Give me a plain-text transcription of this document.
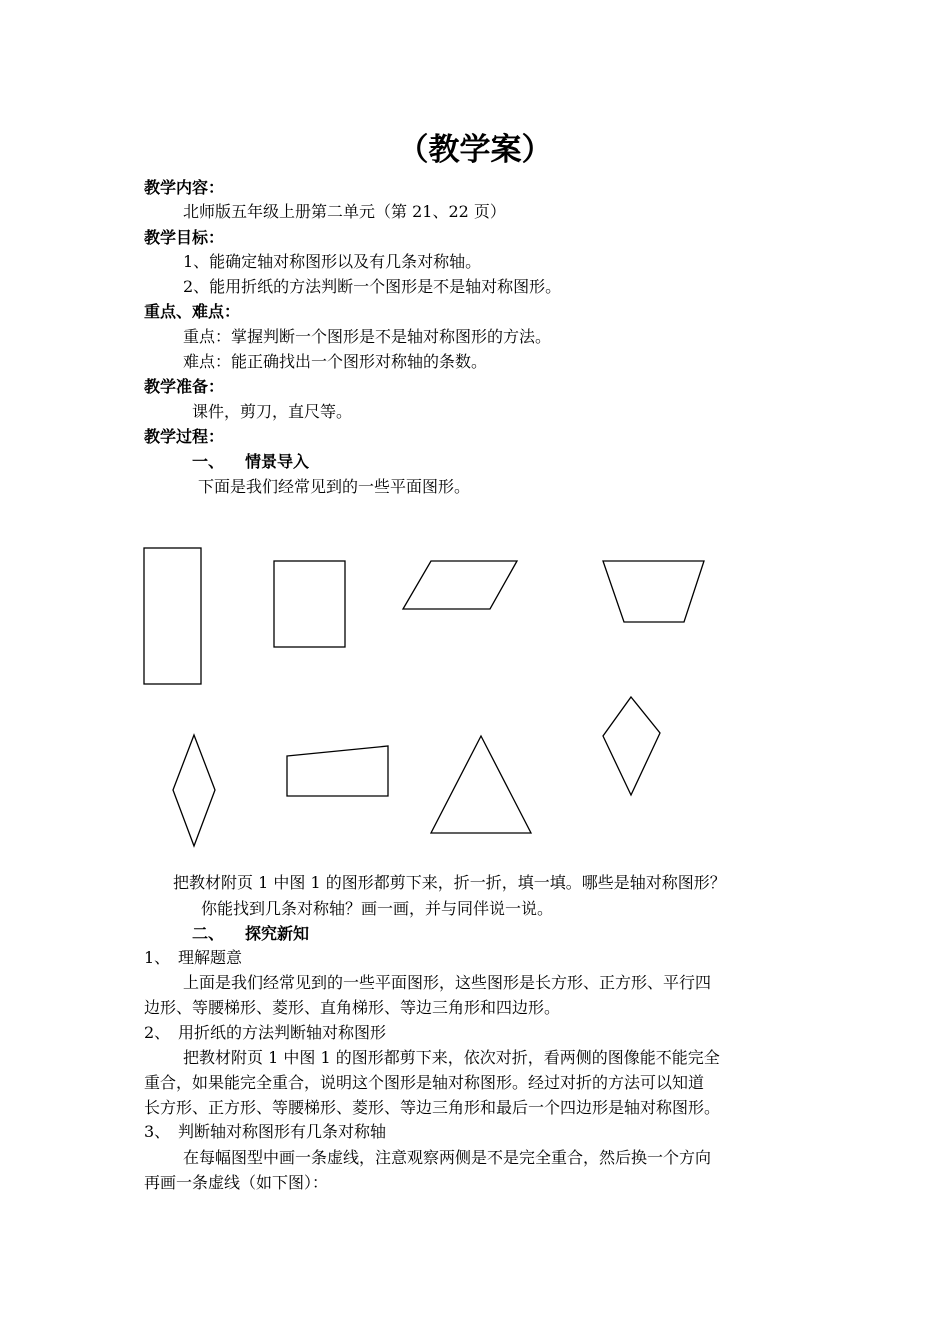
（教学案）
教学内容：
北师版五年级上册第二单元（第 21、22 页）
教学目标：
1、能确定轴对称图形以及有几条对称轴。
2、能用折纸的方法判断一个图形是不是轴对称图形。
重点、难点：
重点：掌握判断一个图形是不是轴对称图形的方法。
难点：能正确找出一个图形对称轴的条数。
教学准备：
课件，剪刀，直尺等。
教学过程：
一、 情景导入
下面是我们经常见到的一些平面图形。
把教材附页 1 中图 1 的图形都剪下来，折一折，填一填。哪些是轴对称图形？
你能找到几条对称轴？画一画，并与同伴说一说。
二、 探究新知
1、 理解题意
上面是我们经常见到的一些平面图形，这些图形是长方形、正方形、平行四
边形、等腰梯形、菱形、直角梯形、等边三角形和四边形。
2、 用折纸的方法判断轴对称图形
把教材附页 1 中图 1 的图形都剪下来，依次对折，看两侧的图像能不能完全
重合，如果能完全重合，说明这个图形是轴对称图形。经过对折的方法可以知道
长方形、正方形、等腰梯形、菱形、等边三角形和最后一个四边形是轴对称图形。
3、 判断轴对称图形有几条对称轴
在每幅图型中画一条虚线，注意观察两侧是不是完全重合，然后换一个方向
再画一条虚线（如下图）：
